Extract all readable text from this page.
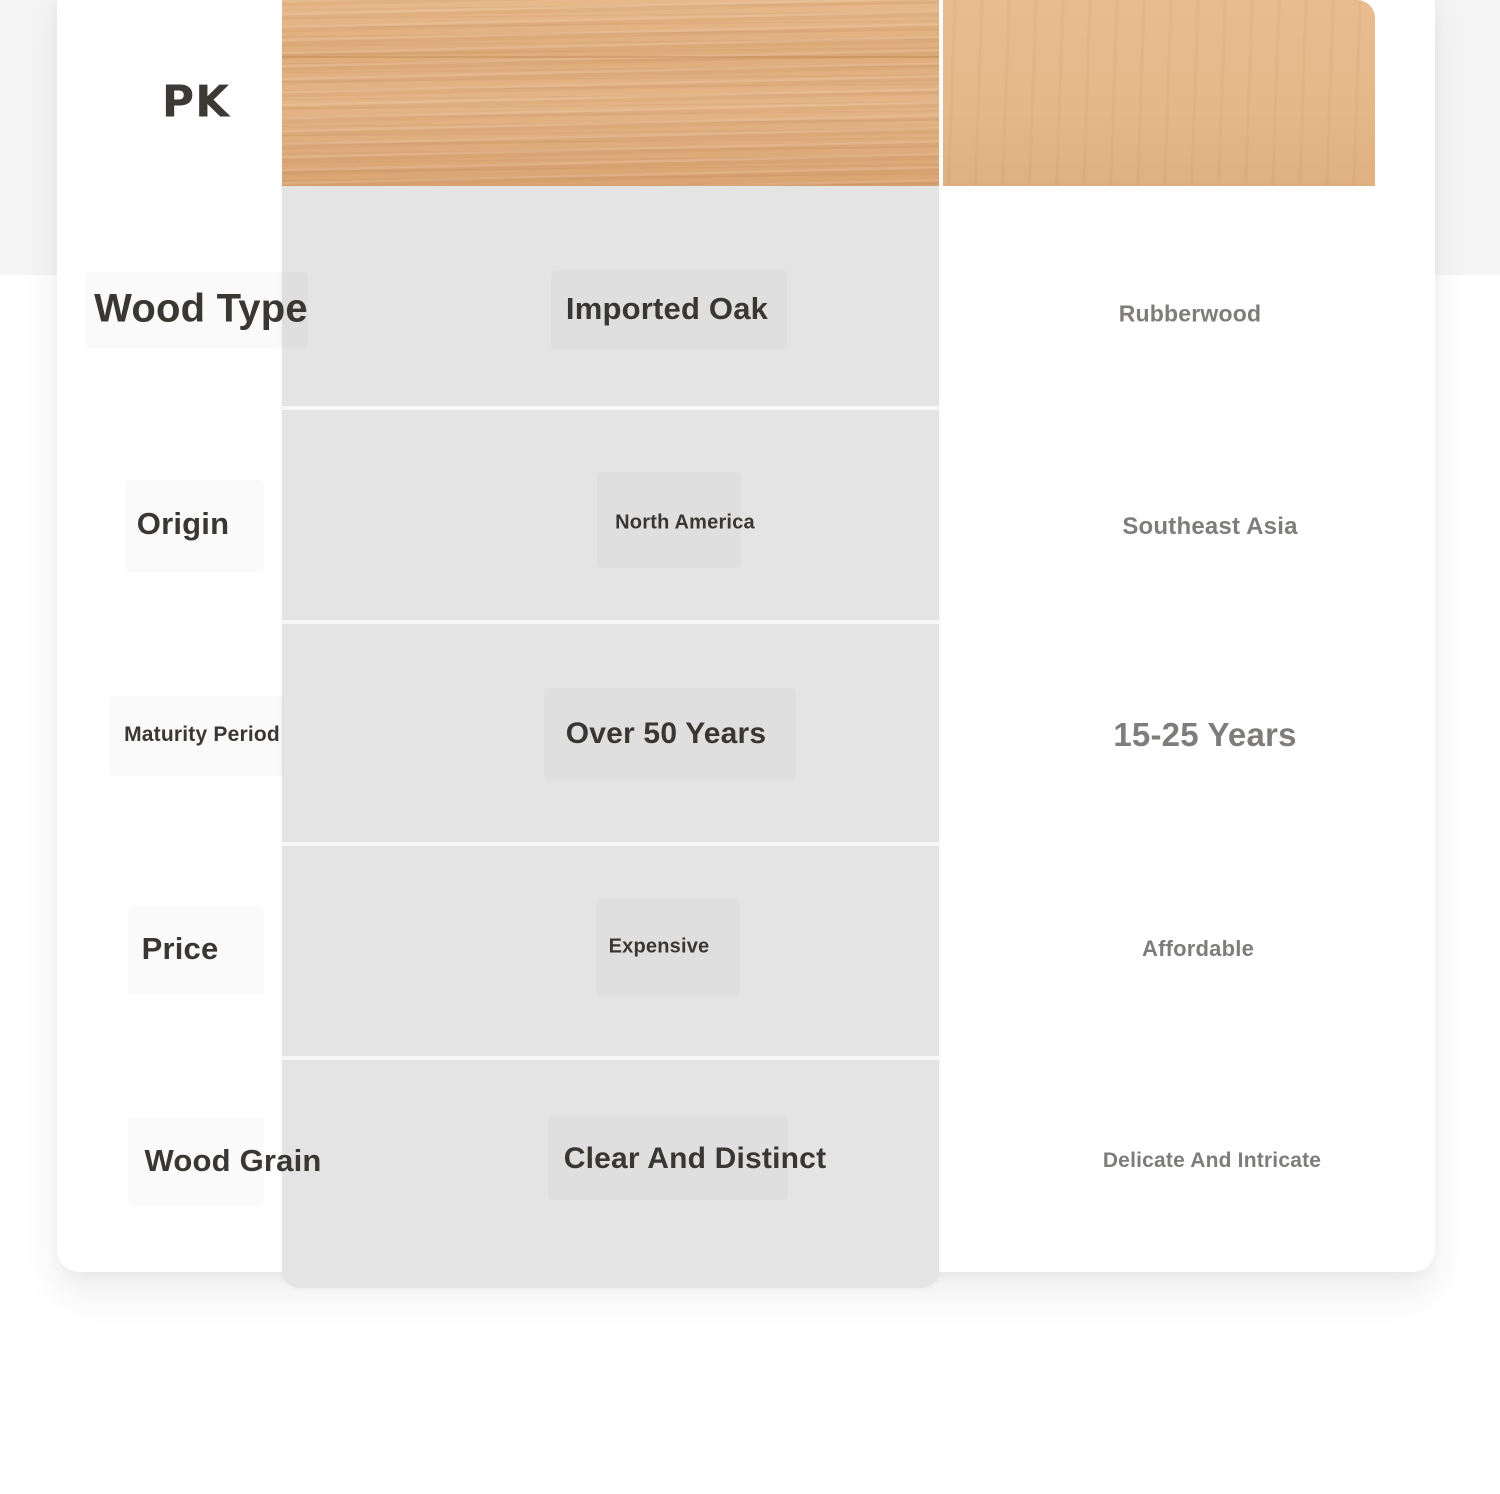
PK
Wood Type	Imported Oak	Rubberwood
Origin	North America	Southeast Asia
Maturity Period	Over 50 Years	15-25 Years
Price	Expensive	Affordable
Wood Grain	Clear And Distinct	Delicate And Intricate
